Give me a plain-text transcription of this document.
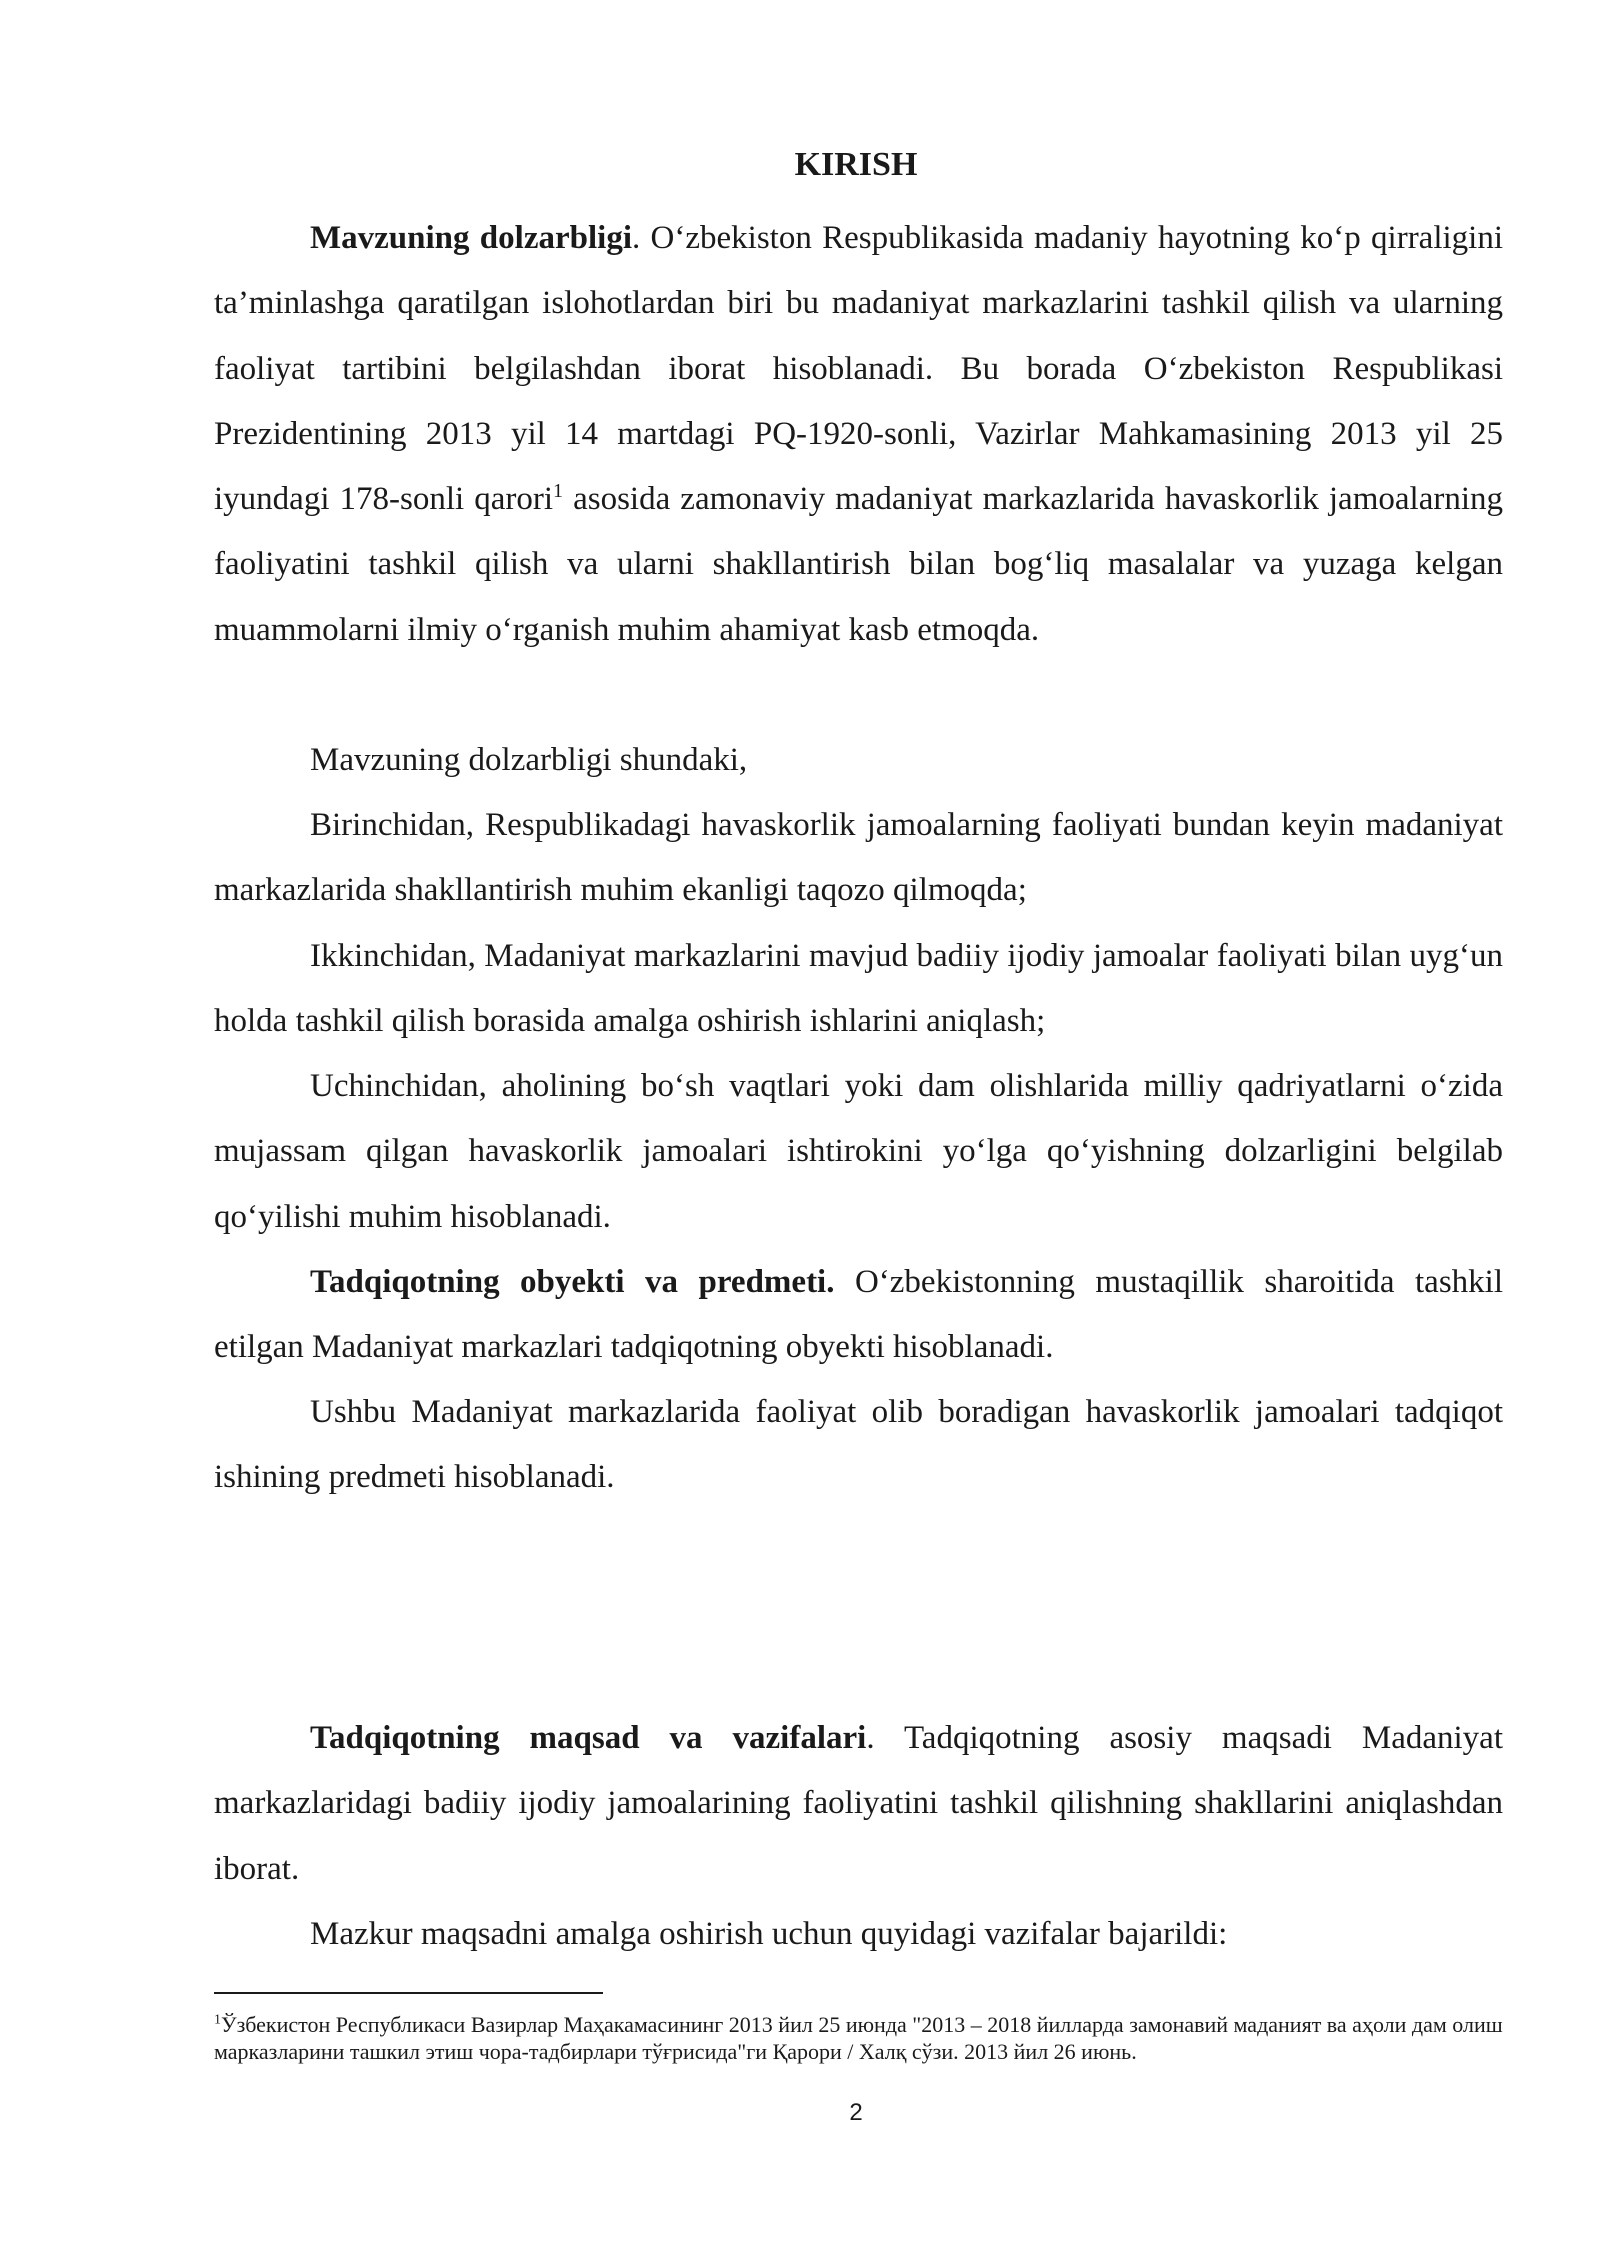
KIRISH

Mavzuning dolzarbligi. Oʻzbekiston Respublikasida madaniy hayotning koʻp qirraligini ta’minlashga qaratilgan islohotlardan biri bu madaniyat markazlarini tashkil qilish va ularning faoliyat tartibini belgilashdan iborat hisoblanadi. Bu borada Oʻzbekiston Respublikasi Prezidentining 2013 yil 14 martdagi PQ-1920-sonli, Vazirlar Mahkamasining 2013 yil 25 iyundagi 178-sonli qarori$^1$ asosida zamonaviy madaniyat markazlarida havaskorlik jamoalarning faoliyatini tashkil qilish va ularni shakllantirish bilan bogʻliq masalalar va yuzaga kelgan muammolarni ilmiy oʻrganish muhim ahamiyat kasb etmoqda.

Mavzuning dolzarbligi shundaki,

Birinchidan, Respublikadagi havaskorlik jamoalarning faoliyati bundan keyin madaniyat markazlarida shakllantirish muhim ekanligi taqozo qilmoqda;

Ikkinchidan, Madaniyat markazlarini mavjud badiiy ijodiy jamoalar faoliyati bilan uygʻun holda tashkil qilish borasida amalga oshirish ishlarini aniqlash;

Uchinchidan, aholining boʻsh vaqtlari yoki dam olishlarida milliy qadriyatlarni oʻzida mujassam qilgan havaskorlik jamoalari ishtirokini yoʻlga qoʻyishning dolzarligini belgilab qoʻyilishi muhim hisoblanadi.

Tadqiqotning obyekti va predmeti. Oʻzbekistonning mustaqillik sharoitida tashkil etilgan Madaniyat markazlari tadqiqotning obyekti hisoblanadi.

Ushbu Madaniyat markazlarida faoliyat olib boradigan havaskorlik jamoalari tadqiqot ishining predmeti hisoblanadi.

Tadqiqotning maqsad va vazifalari. Tadqiqotning asosiy maqsadi Madaniyat markazlaridagi badiiy ijodiy jamoalarining faoliyatini tashkil qilishning shakllarini aniqlashdan iborat.

Mazkur maqsadni amalga oshirish uchun quyidagi vazifalar bajarildi:

$^1$Ўзбекистон Республикаси Вазирлар Маҳакамасининг 2013 йил 25 июнда "2013 – 2018 йилларда замонавий маданият ва аҳоли дам олиш марказларини ташкил этиш чора-тадбирлари тўғрисида"ги Қарори / Халқ сўзи. 2013 йил 26 июнь.

2
